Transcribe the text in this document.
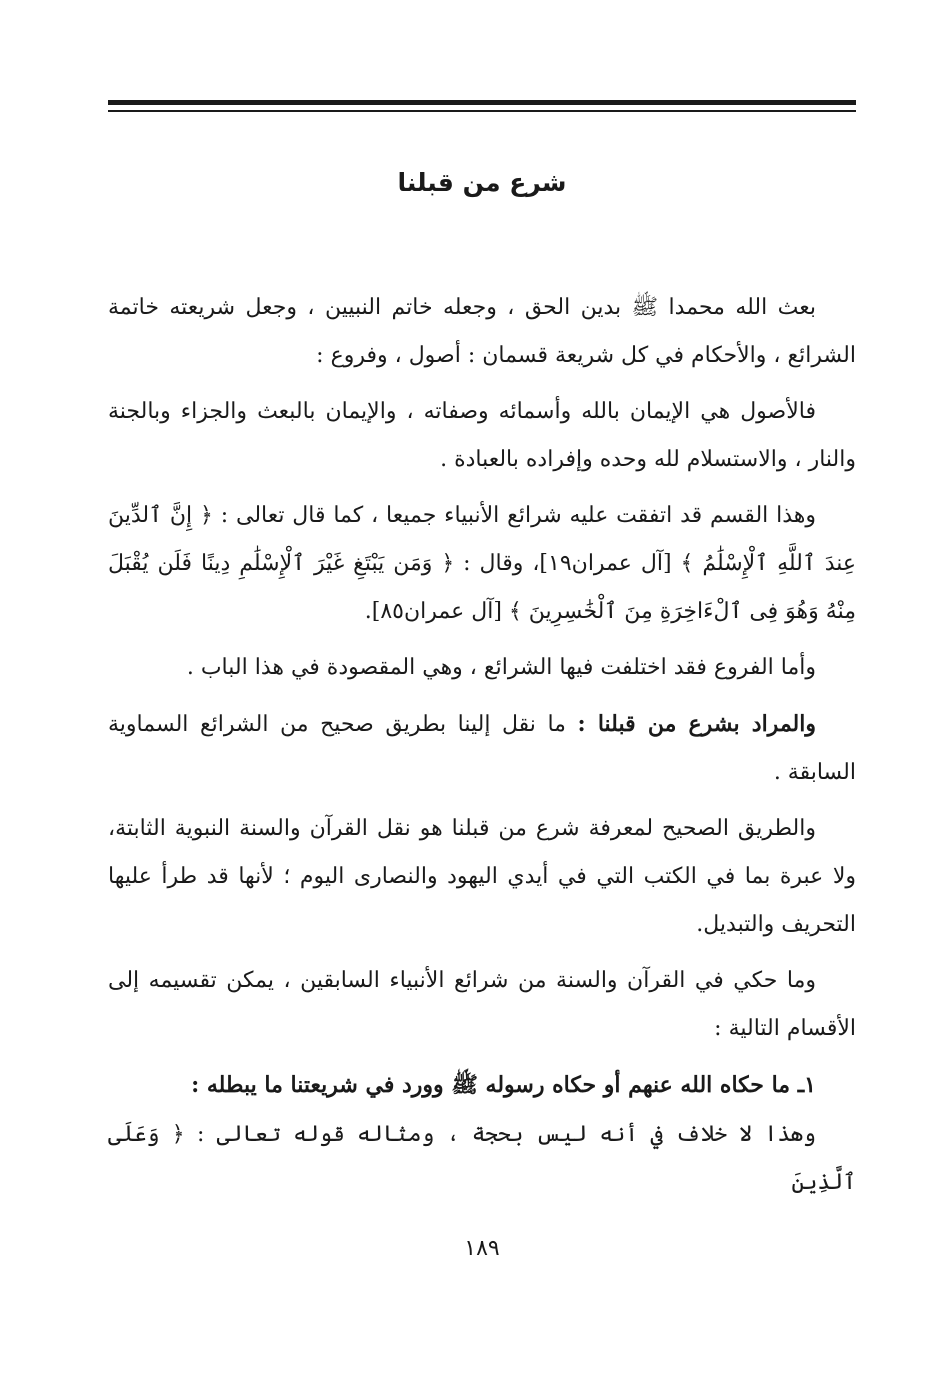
شرع من قبلنا

بعث الله محمدا ﷺ بدين الحق ، وجعله خاتم النبيين ، وجعل شريعته خاتمة الشرائع ، والأحكام في كل شريعة قسمان : أصول ، وفروع :

فالأصول هي الإيمان بالله وأسمائه وصفاته ، والإيمان بالبعث والجزاء وبالجنة والنار ، والاستسلام لله وحده وإفراده بالعبادة .

وهذا القسم قد اتفقت عليه شرائع الأنبياء جميعا ، كما قال تعالى : ﴿ إِنَّ ٱلدِّينَ عِندَ ٱللَّهِ ٱلْإِسْلَٰمُ ﴾ [آل عمران١٩]، وقال : ﴿ وَمَن يَبْتَغِ غَيْرَ ٱلْإِسْلَٰمِ دِينًا فَلَن يُقْبَلَ مِنْهُ وَهُوَ فِى ٱلْءَاخِرَةِ مِنَ ٱلْخَٰسِرِينَ ﴾ [آل عمران٨٥].

وأما الفروع فقد اختلفت فيها الشرائع ، وهي المقصودة في هذا الباب .

والمراد بشرع من قبلنا : ما نقل إلينا بطريق صحيح من الشرائع السماوية السابقة .

والطريق الصحيح لمعرفة شرع من قبلنا هو نقل القرآن والسنة النبوية الثابتة، ولا عبرة بما في الكتب التي في أيدي اليهود والنصارى اليوم ؛ لأنها قد طرأ عليها التحريف والتبديل.

وما حكي في القرآن والسنة من شرائع الأنبياء السابقين ، يمكن تقسيمه إلى الأقسام التالية :

١ـ ما حكاه الله عنهم أو حكاه رسوله ﷺ وورد في شريعتنا ما يبطله :

وهذا لا خلاف في أنه ليس بحجة ، ومثاله قوله تعالى : ﴿ وَعَلَى ٱلَّذِينَ

١٨٩
